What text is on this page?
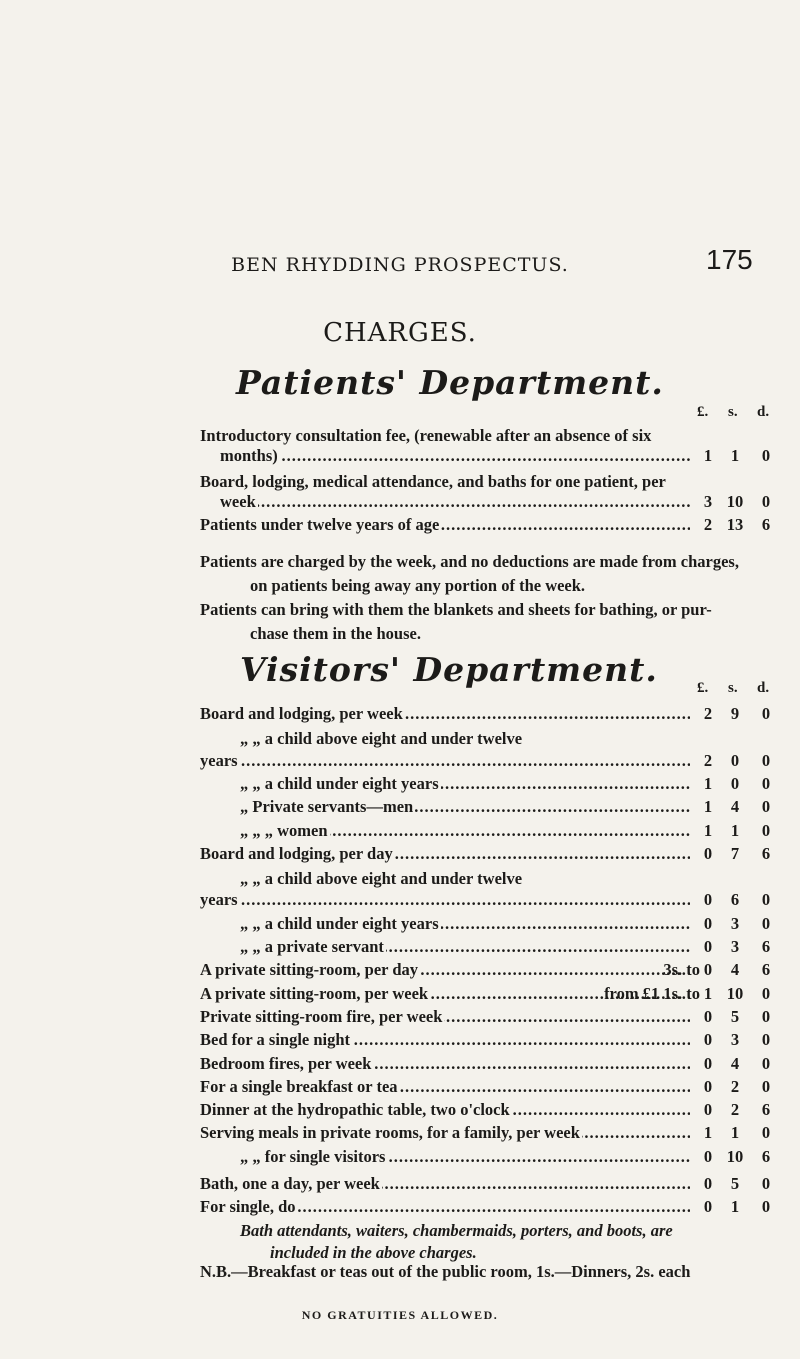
BEN RHYDDING PROSPECTUS.	175
CHARGES.
Patients' Department.
£. s. d.
Introductory consultation fee, (renewable after an absence of six
months) .....	1	1	0
Board, lodging, medical attendance, and baths for one patient, per
week .....	3 10	0
Patients under twelve years of age .....	2 13	6
Patients are charged by the week, and no deductions are made from charges,
on patients being away any portion of the week.
Patients can bring with them the blankets and sheets for bathing, or pur-
chase them in the house.
Visitors' Department.	£. s. d.
Board and lodging, per week .....	2	9	0
„ „ a child above eight and under twelve
years .....	2	0	0
„ „ a child under eight years .....	1	0	0
„ Private servants—men .....	1	4	0
„ „ „ women .....	1	1	0
Board and lodging, per day .....	0	7	6
„ „ a child above eight and under twelve
years .....	0	6	0
„ „ a child under eight years .....	0	3	0
„ „ a private servant .....	0	3	6
A private sitting-room, per day .....	3s. to 0	4	6
A private sitting-room, per week .....	from £1 1s. to 1 10	0
Private sitting-room fire, per week .....	0	5	0
Bed for a single night .....	0	3	0
Bedroom fires, per week .....	0	4	0
For a single breakfast or tea .....	0	2	0
Dinner at the hydropathic table, two o'clock .....	0	2	6
Serving meals in private rooms, for a family, per week .....	1	1	0
„ „ for single visitors .....	0 10	6
Bath, one a day, per week .....	0	5	0
For single, do .....	0	1	0
Bath attendants, waiters, chambermaids, porters, and boots, are
included in the above charges.
N.B.—Breakfast or teas out of the public room, 1s.—Dinners, 2s. each
NO GRATUITIES ALLOWED.
